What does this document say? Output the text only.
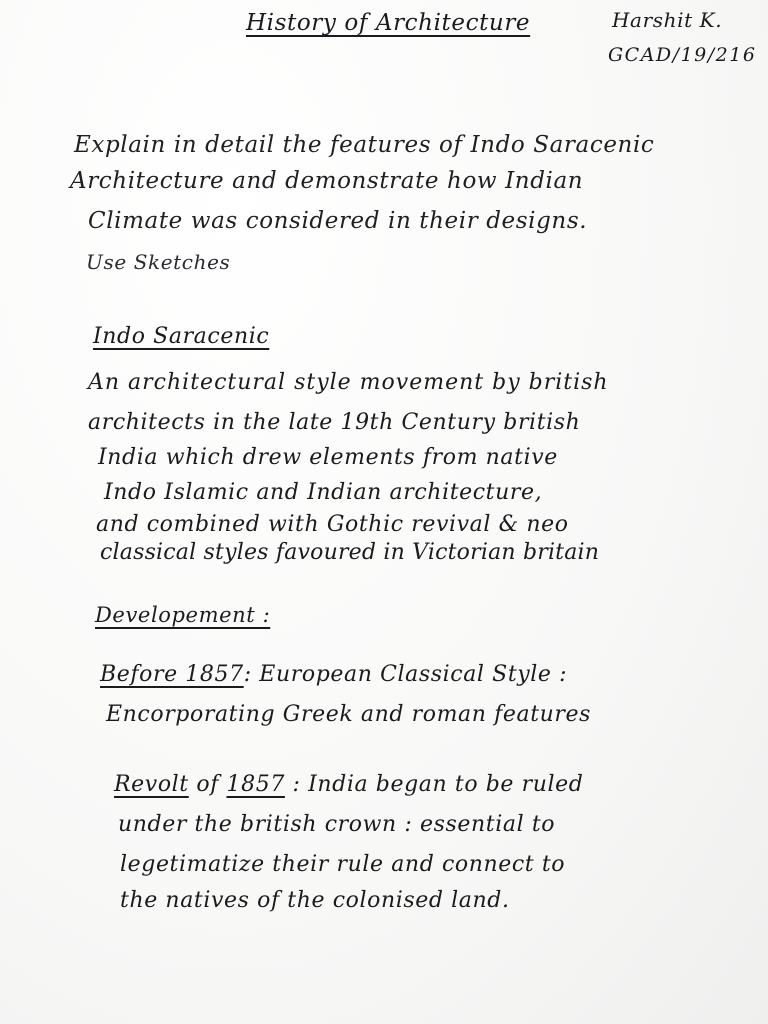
History of Architecture	Harshit K.
GCAD/19/216
Explain in detail the features of Indo Saracenic
Architecture and demonstrate how Indian
Climate was considered in their designs.
Use Sketches
Indo Saracenic
An architectural style movement by british
architects in the late 19th Century british
India which drew elements from native
Indo Islamic and Indian architecture,
and combined with Gothic revival & neo
classical styles favoured in Victorian britain
Developement :
Before 1857: European Classical Style :
Encorporating Greek and roman features
Revolt of 1857 : India began to be ruled
under the british crown : essential to
legetimatize their rule and connect to
the natives of the colonised land.
